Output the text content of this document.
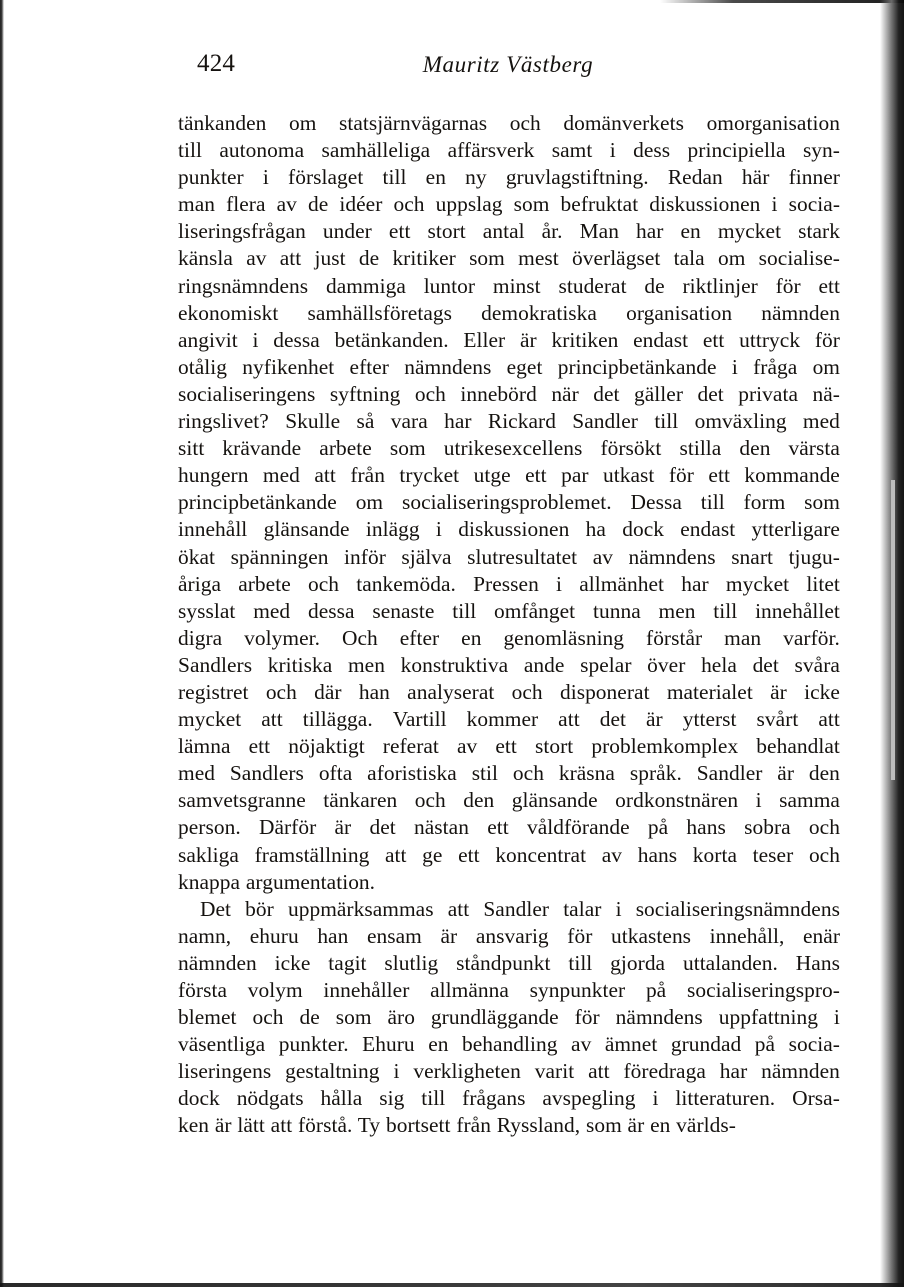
424	Mauritz Västberg
tänkanden om statsjärnvägarnas och domänverkets omorganisation
till autonoma samhälleliga affärsverk samt i dess principiella syn-
punkter i förslaget till en ny gruvlagstiftning. Redan här finner
man flera av de idéer och uppslag som befruktat diskussionen i socia-
liseringsfrågan under ett stort antal år. Man har en mycket stark
känsla av att just de kritiker som mest överlägset tala om socialise-
ringsnämndens dammiga luntor minst studerat de riktlinjer för ett
ekonomiskt samhällsföretags demokratiska organisation nämnden
angivit i dessa betänkanden. Eller är kritiken endast ett uttryck för
otålig nyfikenhet efter nämndens eget principbetänkande i fråga om
socialiseringens syftning och innebörd när det gäller det privata nä-
ringslivet? Skulle så vara har Rickard Sandler till omväxling med
sitt krävande arbete som utrikesexcellens försökt stilla den värsta
hungern med att från trycket utge ett par utkast för ett kommande
principbetänkande om socialiseringsproblemet. Dessa till form som
innehåll glänsande inlägg i diskussionen ha dock endast ytterligare
ökat spänningen inför själva slutresultatet av nämndens snart tjugu-
åriga arbete och tankemöda. Pressen i allmänhet har mycket litet
sysslat med dessa senaste till omfånget tunna men till innehållet
digra volymer. Och efter en genomläsning förstår man varför.
Sandlers kritiska men konstruktiva ande spelar över hela det svåra
registret och där han analyserat och disponerat materialet är icke
mycket att tillägga. Vartill kommer att det är ytterst svårt att
lämna ett nöjaktigt referat av ett stort problemkomplex behandlat
med Sandlers ofta aforistiska stil och kräsna språk. Sandler är den
samvetsgranne tänkaren och den glänsande ordkonstnären i samma
person. Därför är det nästan ett våldförande på hans sobra och
sakliga framställning att ge ett koncentrat av hans korta teser och
knappa argumentation.
Det bör uppmärksammas att Sandler talar i socialiseringsnämndens
namn, ehuru han ensam är ansvarig för utkastens innehåll, enär
nämnden icke tagit slutlig ståndpunkt till gjorda uttalanden. Hans
första volym innehåller allmänna synpunkter på socialiseringspro-
blemet och de som äro grundläggande för nämndens uppfattning i
väsentliga punkter. Ehuru en behandling av ämnet grundad på socia-
liseringens gestaltning i verkligheten varit att föredraga har nämnden
dock nödgats hålla sig till frågans avspegling i litteraturen. Orsa-
ken är lätt att förstå. Ty bortsett från Ryssland, som är en världs-
